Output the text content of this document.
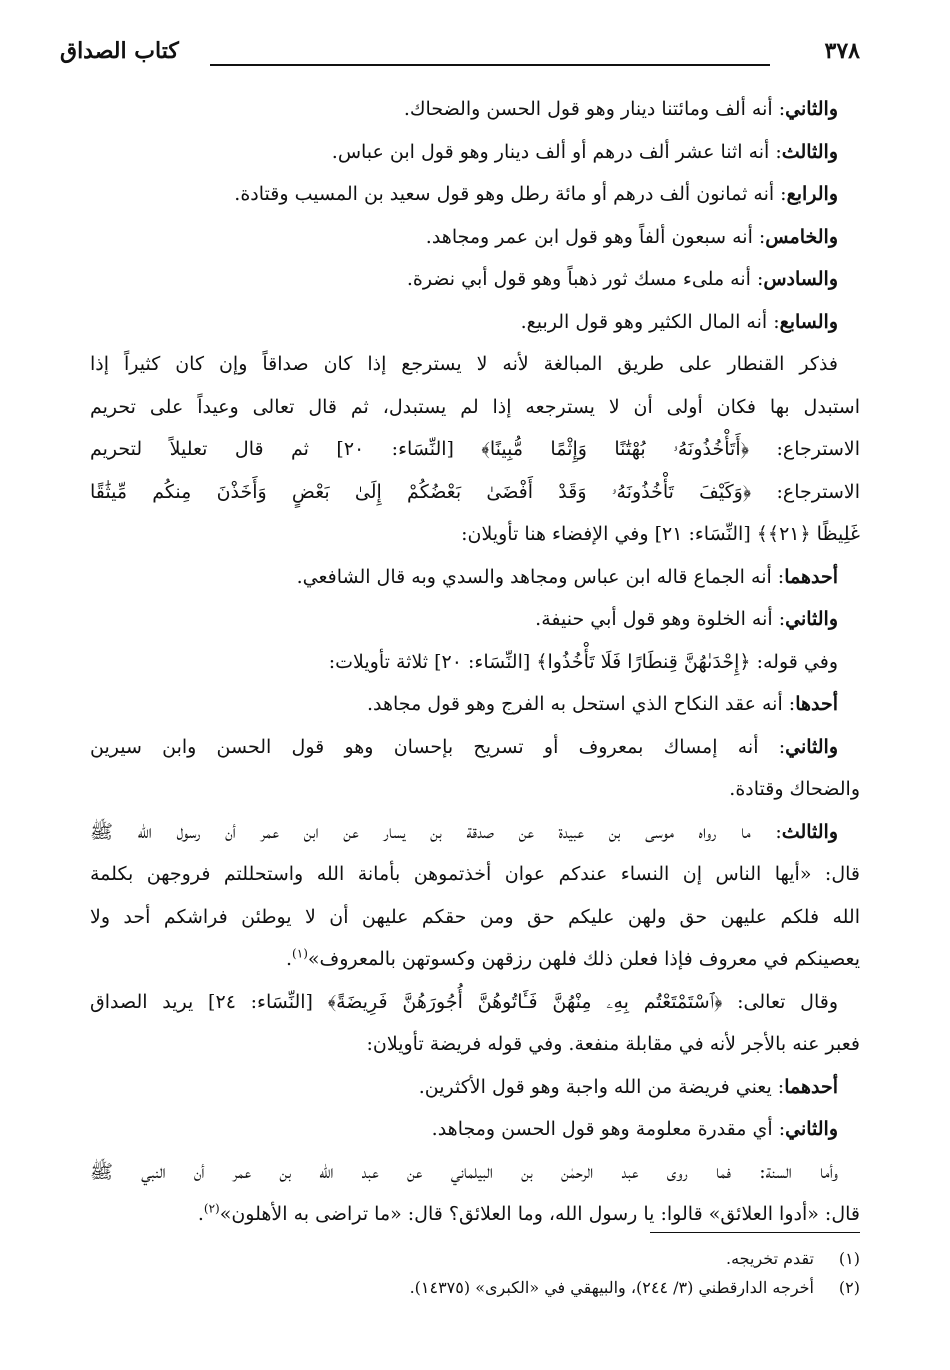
٣٧٨
كتاب الصداق
والثاني: أنه ألف ومائتنا دينار وهو قول الحسن والضحاك.
والثالث: أنه اثنا عشر ألف درهم أو ألف دينار وهو قول ابن عباس.
والرابع: أنه ثمانون ألف درهم أو مائة رطل وهو قول سعيد بن المسيب وقتادة.
والخامس: أنه سبعون ألفاً وهو قول ابن عمر ومجاهد.
والسادس: أنه ملىء مسك ثور ذهباً وهو قول أبي نضرة.
والسابع: أنه المال الكثير وهو قول الربيع.
فذكر القنطار على طريق المبالغة لأنه لا يسترجع إذا كان صداقاً وإن كان كثيراً إذا
استبدل بها فكان أولى أن لا يسترجعه إذا لم يستبدل، ثم قال تعالى وعيداً على تحريم
الاسترجاع: ﴿أَتَأْخُذُونَهُۥ بُهْتَٰنًا وَإِثْمًا مُّبِينًا﴾ [النِّسَاء: ٢٠] ثم قال تعليلاً لتحريم
الاسترجاع: ﴿وَكَيْفَ تَأْخُذُونَهُۥ وَقَدْ أَفْضَىٰ بَعْضُكُمْ إِلَىٰ بَعْضٍ وَأَخَذْنَ مِنكُم مِّيثَٰقًا
غَلِيظًا ﴿٢١﴾﴾ [النِّسَاء: ٢١] وفي الإفضاء هنا تأويلان:
أحدهما: أنه الجماع قاله ابن عباس ومجاهد والسدي وبه قال الشافعي.
والثاني: أنه الخلوة وهو قول أبي حنيفة.
وفي قوله: ﴿إِحْدَىٰهُنَّ قِنطَارًا فَلَا تَأْخُذُوا﴾ [النِّسَاء: ٢٠] ثلاثة تأويلات:
أحدها: أنه عقد النكاح الذي استحل به الفرج وهو قول مجاهد.
والثاني: أنه إمساك بمعروف أو تسريح بإحسان وهو قول الحسن وابن سيرين
والضحاك وقتادة.
والثالث: ما رواه موسى بن عبيدة عن صدقة بن يسار عن ابن عمر أن رسول الله ﷺ
قال: «أيها الناس إن النساء عندكم عوان أخذتموهن بأمانة الله واستحللتم فروجهن بكلمة
الله فلكم عليهن حق ولهن عليكم حق ومن حقكم عليهن أن لا يوطئن فراشكم أحد ولا
يعصينكم في معروف فإذا فعلن ذلك فلهن رزقهن وكسوتهن بالمعروف»$^{(١)}$.
وقال تعالى: ﴿ٱسْتَمْتَعْتُم بِهِۦ مِنْهُنَّ فَـَٔاتُوهُنَّ أُجُورَهُنَّ فَرِيضَةً﴾ [النِّسَاء: ٢٤] يريد الصداق
فعبر عنه بالأجر لأنه في مقابلة منفعة. وفي قوله فريضة تأويلان:
أحدهما: يعني فريضة من الله واجبة وهو قول الأكثرين.
والثاني: أي مقدرة معلومة وهو قول الحسن ومجاهد.
وأما السنة: فما روى عبد الرحمٰن بن البيلماني عن عبد الله بن عمر أن النبي ﷺ
قال: «أدوا العلائق» قالوا: يا رسول الله، وما العلائق؟ قال: «ما تراضى به الأهلون»$^{(٢)}$.
(١)تقدم تخريجه.
(٢)أخرجه الدارقطني (٣/ ٢٤٤)، والبيهقي في «الكبرى» (١٤٣٧٥).
